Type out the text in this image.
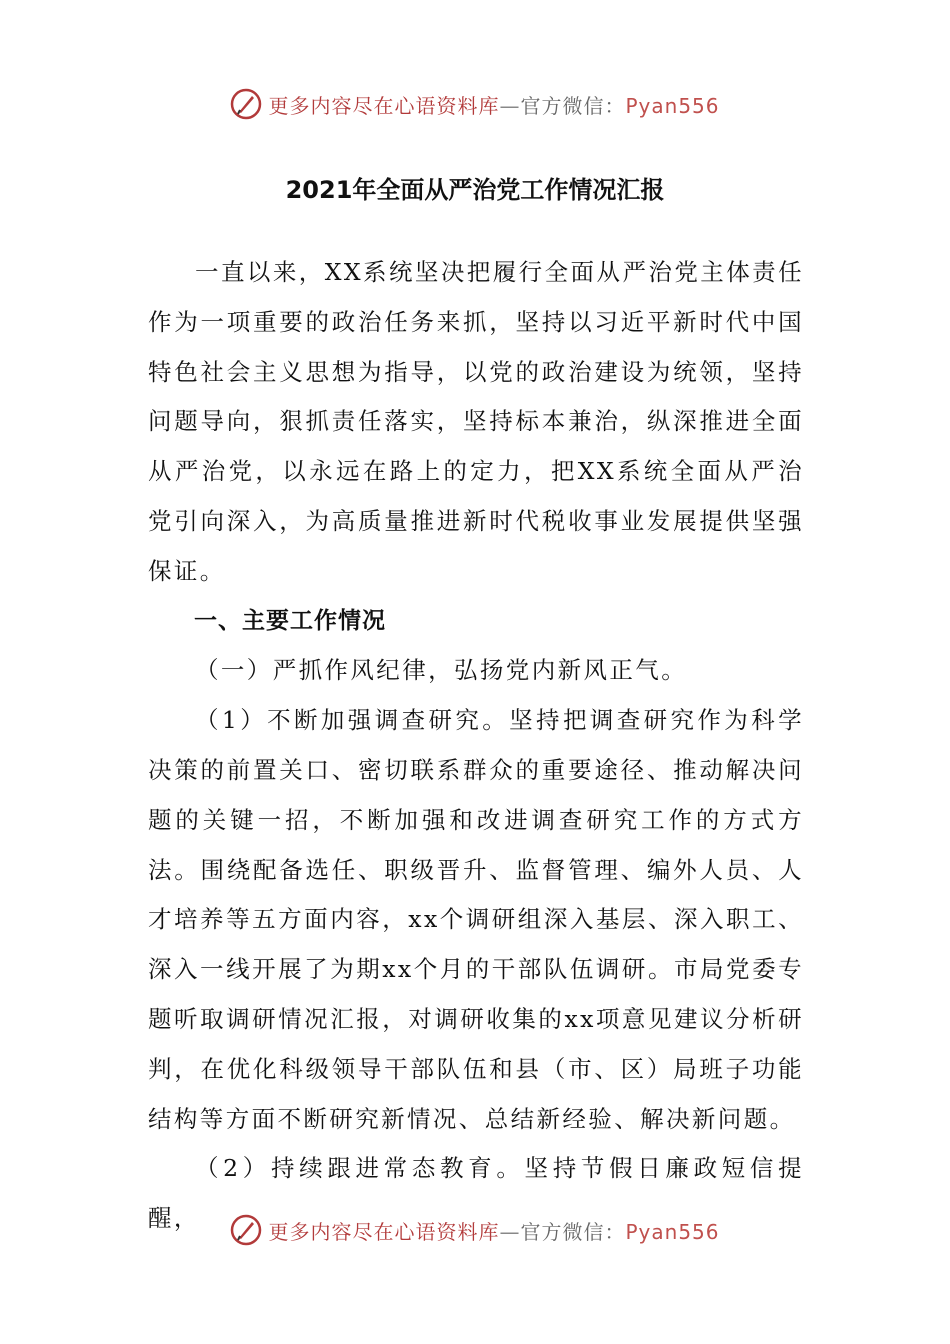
更多内容尽在心语资料库—官方微信：Pyan556
2021年全面从严治党工作情况汇报

一直以来，XX系统坚决把履行全面从严治党主体责任作为一项重要的政治任务来抓，坚持以习近平新时代中国特色社会主义思想为指导，以党的政治建设为统领，坚持问题导向，狠抓责任落实，坚持标本兼治，纵深推进全面从严治党，以永远在路上的定力，把XX系统全面从严治党引向深入，为高质量推进新时代税收事业发展提供坚强保证。

一、主要工作情况

（一）严抓作风纪律，弘扬党内新风正气。

（1）不断加强调查研究。坚持把调查研究作为科学决策的前置关口、密切联系群众的重要途径、推动解决问题的关键一招，不断加强和改进调查研究工作的方式方法。围绕配备选任、职级晋升、监督管理、编外人员、人才培养等五方面内容，xx个调研组深入基层、深入职工、深入一线开展了为期xx个月的干部队伍调研。市局党委专题听取调研情况汇报，对调研收集的xx项意见建议分析研判，在优化科级领导干部队伍和县（市、区）局班子功能结构等方面不断研究新情况、总结新经验、解决新问题。

（2）持续跟进常态教育。坚持节假日廉政短信提醒，	更多内容尽在心语资料库—官方微信：Pyan556
